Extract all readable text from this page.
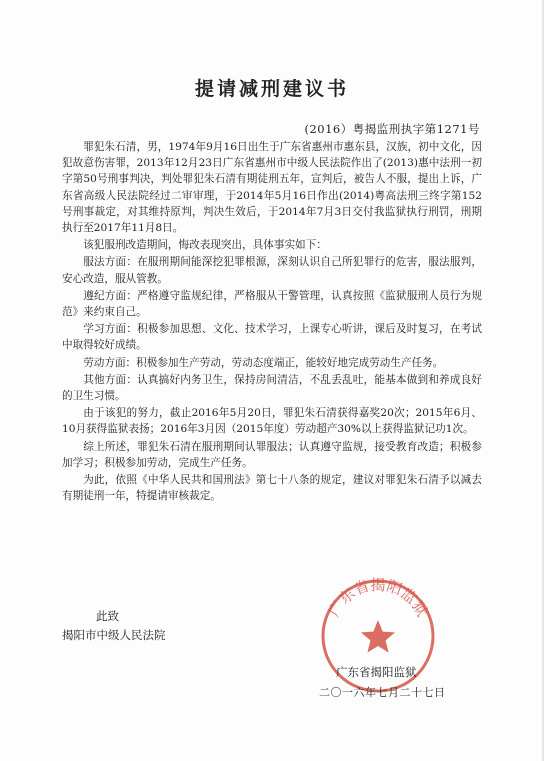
提请减刑建议书
(2016）粤揭监刑执字第1271号

罪犯朱石清，男，1974年9月16日出生于广东省惠州市惠东县，汉族，初中文化，因犯故意伤害罪，2013年12月23日广东省惠州市中级人民法院作出了(2013)惠中法刑一初字第50号刑事判决，判处罪犯朱石清有期徒刑五年，宣判后，被告人不服，提出上诉，广东省高级人民法院经过二审审理，于2014年5月16日作出(2014)粤高法刑三终字第152号刑事裁定，对其维持原判，判决生效后，于2014年7月3日交付我监狱执行刑罚，刑期执行至2017年11月8日。

该犯服刑改造期间，悔改表现突出，具体事实如下：

服法方面：在服刑期间能深挖犯罪根源，深刻认识自己所犯罪行的危害，服法服判，安心改造，服从管教。

遵纪方面：严格遵守监规纪律，严格服从干警管理，认真按照《监狱服刑人员行为规范》来约束自己。

学习方面：积极参加思想、文化、技术学习，上课专心听讲，课后及时复习，在考试中取得较好成绩。

劳动方面：积极参加生产劳动，劳动态度端正，能较好地完成劳动生产任务。

其他方面：认真搞好内务卫生，保持房间清洁，不乱丢乱吐，能基本做到和养成良好的卫生习惯。

由于该犯的努力，截止2016年5月20日，罪犯朱石清获得嘉奖20次；2015年6月、10月获得监狱表扬；2016年3月因（2015年度）劳动超产30%以上获得监狱记功1次。

综上所述，罪犯朱石清在服刑期间认罪服法；认真遵守监规，接受教育改造；积极参加学习；积极参加劳动，完成生产任务。

为此，依照《中华人民共和国刑法》第七十八条的规定，建议对罪犯朱石清予以减去有期徒刑一年，特提请审核裁定。

此致
揭阳市中级人民法院
广东省揭阳监狱
广东省揭阳监狱
二〇一六年七月二十七日
